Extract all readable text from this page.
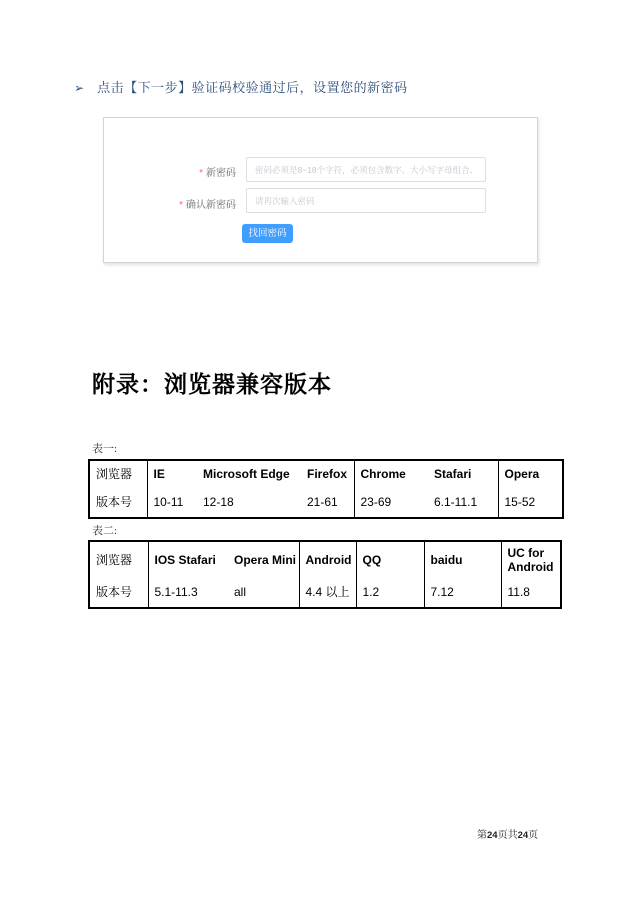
➢ 点击【下一步】验证码校验通过后，设置您的新密码
* 新密码
密码必须是8~18个字符，必须包含数字、大小写字母组合、特殊字符
* 确认新密码
请再次输入密码
找回密码
附录：浏览器兼容版本
表一:
浏览器	IE	Microsoft Edge	Firefox	Chrome	Stafari	Opera
版本号	10-11	12-18	21-61	23-69	6.1-11.1	15-52
表二:
浏览器	IOS Stafari	Opera Mini	Android	QQ	baidu	UC for Android
版本号	5.1-11.3	all	4.4 以上	1.2	7.12	11.8
第24页共24页
